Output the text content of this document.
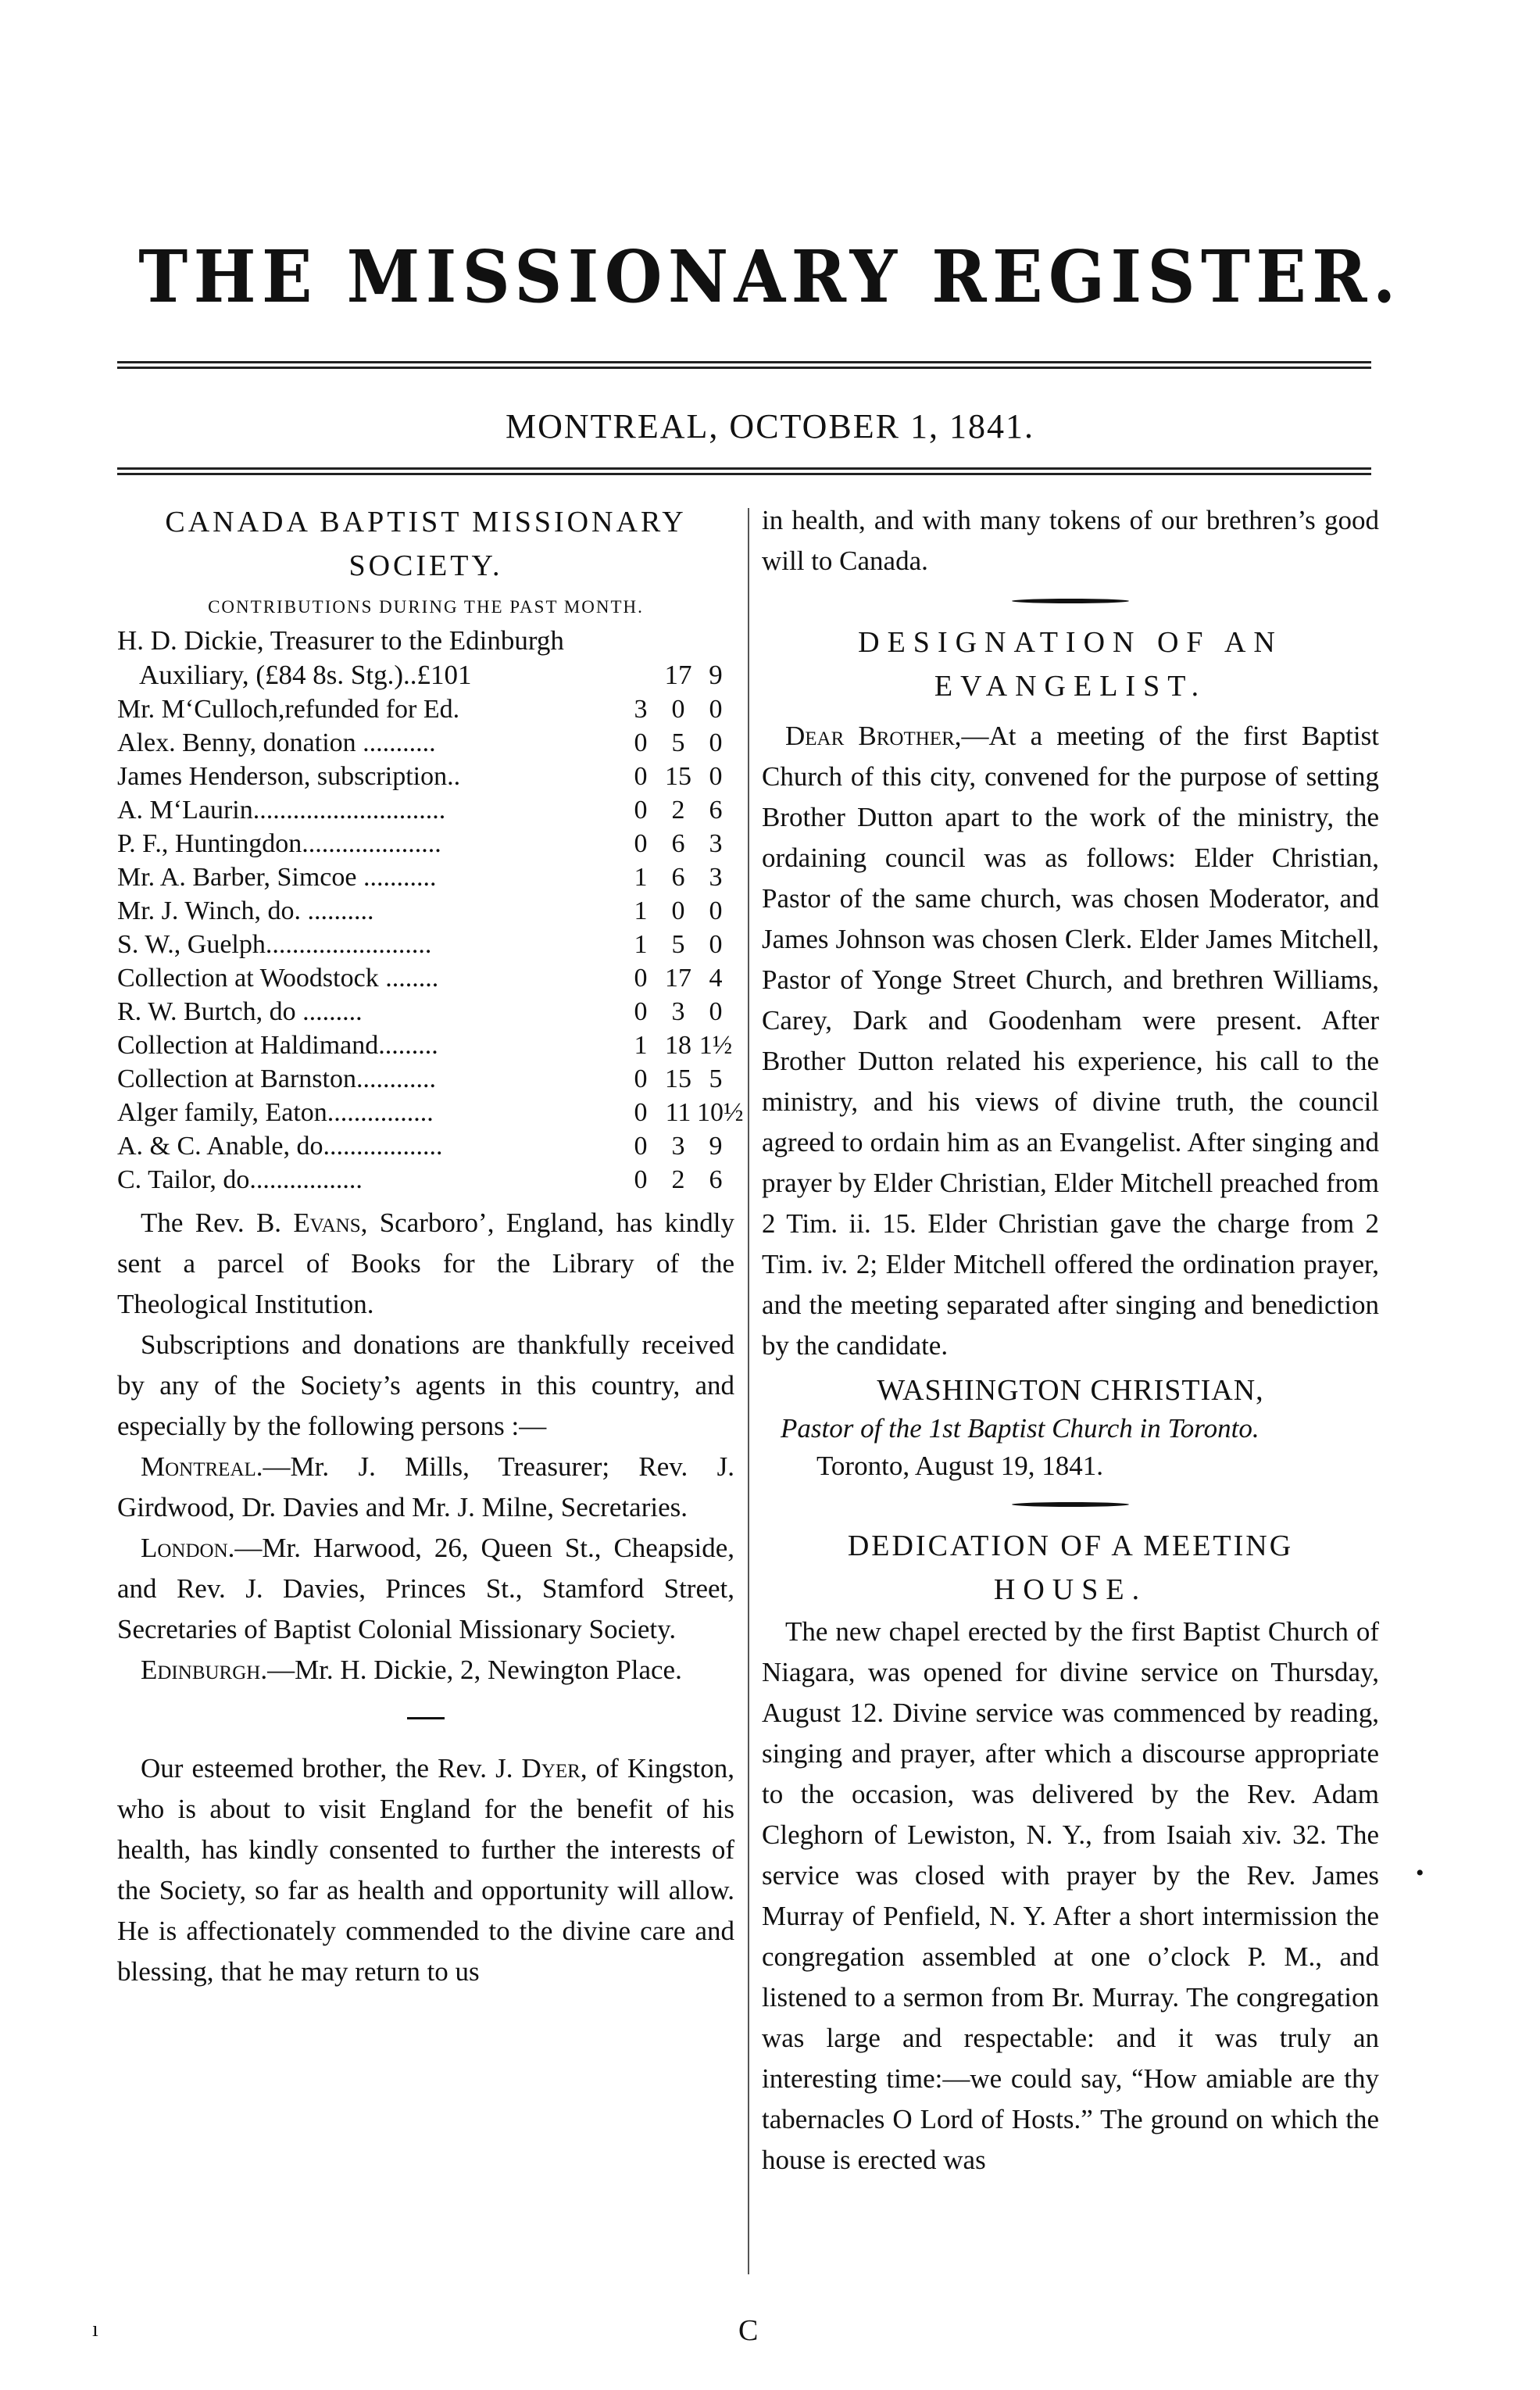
THE MISSIONARY REGISTER.
MONTREAL, OCTOBER 1, 1841.

CANADA BAPTIST MISSIONARY

SOCIETY.

CONTRIBUTIONS DURING THE PAST MONTH.
H. D. Dickie, Treasurer to the Edinburgh
Auxiliary, (£84 8s. Stg.)..£101	17 9
Mr. M‘Culloch,refunded for Ed.	3 0 0
Alex. Benny, donation ...........	0 5 0
James Henderson, subscription..	0 15 0
A. M‘Laurin.............................	0 2 6
P. F., Huntingdon.....................	0 6 3
Mr. A. Barber, Simcoe ...........	1 6 3
Mr. J. Winch, do. ..........	1 0 0
S. W., Guelph.........................	1 5 0
Collection at Woodstock ........	0 17 4
R. W. Burtch, do .........	0 3 0
Collection at Haldimand.........	1 18 1½
Collection at Barnston............	0 15 5
Alger family, Eaton................	0 11 10½
A. & C. Anable, do..................	0 3 9
C. Tailor, do.................	0 2 6

The Rev. B. Evans, Scarboro’, England, has kindly sent a parcel of Books for the Library of the Theological Institution.

Subscriptions and donations are thankfully received by any of the Society’s agents in this country, and especially by the following persons :—

Montreal.—Mr. J. Mills, Treasurer; Rev. J. Girdwood, Dr. Davies and Mr. J. Milne, Secretaries.

London.—Mr. Harwood, 26, Queen St., Cheapside, and Rev. J. Davies, Princes St., Stamford Street, Secretaries of Baptist Colonial Missionary Society.

Edinburgh.—Mr. H. Dickie, 2, Newington Place.

Our esteemed brother, the Rev. J. Dyer, of Kingston, who is about to visit England for the benefit of his health, has kindly consented to further the interests of the Society, so far as health and opportunity will allow. He is affectionately commended to the divine care and blessing, that he may return to us

in health, and with many tokens of our brethren’s good will to Canada.

DESIGNATION OF AN

EVANGELIST.

Dear Brother,—At a meeting of the first Baptist Church of this city, convened for the purpose of setting Brother Dutton apart to the work of the ministry, the ordaining council was as follows: Elder Christian, Pastor of the same church, was chosen Moderator, and James Johnson was chosen Clerk. Elder James Mitchell, Pastor of Yonge Street Church, and brethren Williams, Carey, Dark and Goodenham were present. After Brother Dutton related his experience, his call to the ministry, and his views of divine truth, the council agreed to ordain him as an Evangelist. After singing and prayer by Elder Christian, Elder Mitchell preached from 2 Tim. ii. 15. Elder Christian gave the charge from 2 Tim. iv. 2; Elder Mitchell offered the ordination prayer, and the meeting separated after singing and benediction by the candidate.

WASHINGTON CHRISTIAN,
Pastor of the 1st Baptist Church in Toronto.
Toronto, August 19, 1841.

DEDICATION OF A MEETING

HOUSE.

The new chapel erected by the first Baptist Church of Niagara, was opened for divine service on Thursday, August 12. Divine service was commenced by reading, singing and prayer, after which a discourse appropriate to the occasion, was delivered by the Rev. Adam Cleghorn of Lewiston, N. Y., from Isaiah xiv. 32. The service was closed with prayer by the Rev. James Murray of Penfield, N. Y. After a short intermission the congregation assembled at one o’clock P. M., and listened to a sermon from Br. Murray. The congregation was large and respectable: and it was truly an interesting time:—we could say, “How amiable are thy tabernacles O Lord of Hosts.” The ground on which the house is erected was

C
ı
•
